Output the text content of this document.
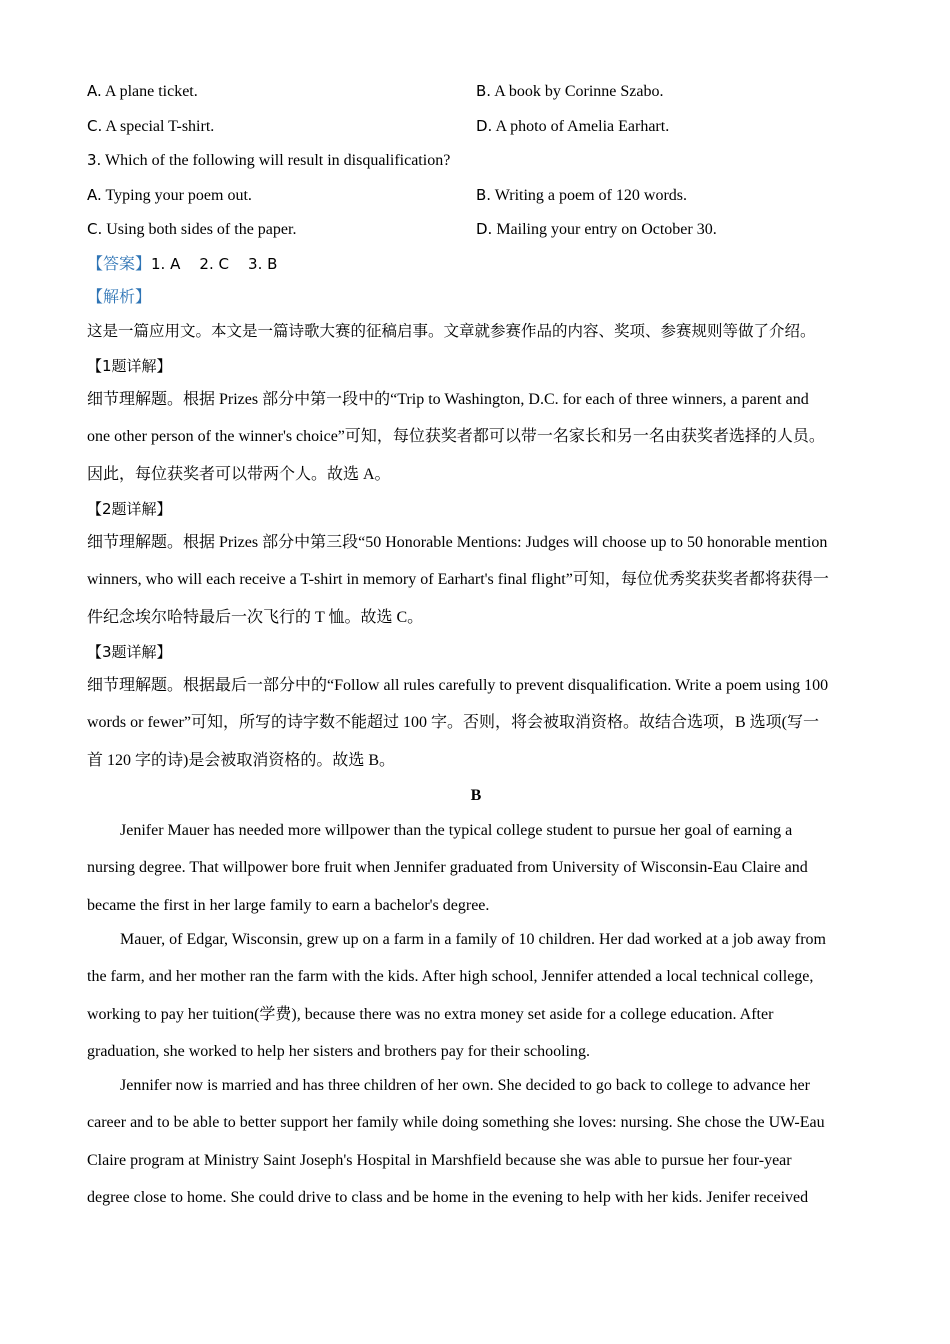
A. A plane ticket.	B. A book by Corinne Szabo.
C. A special T-shirt.	D. A photo of Amelia Earhart.
3. Which of the following will result in disqualification?
A. Typing your poem out.	B. Writing a poem of 120 words.
C. Using both sides of the paper.	D. Mailing your entry on October 30.
【答案】1. A    2. C    3. B
【解析】
这是一篇应用文。本文是一篇诗歌大赛的征稿启事。文章就参赛作品的内容、奖项、参赛规则等做了介绍。
【1题详解】
细节理解题。根据 Prizes 部分中第一段中的“Trip to Washington, D.C. for each of three winners, a parent and
one other person of the winner's choice”可知，每位获奖者都可以带一名家长和另一名由获奖者选择的人员。
因此，每位获奖者可以带两个人。故选 A。
【2题详解】
细节理解题。根据 Prizes 部分中第三段“50 Honorable Mentions: Judges will choose up to 50 honorable mention
winners, who will each receive a T-shirt in memory of Earhart's final flight”可知，每位优秀奖获奖者都将获得一
件纪念埃尔哈特最后一次飞行的 T 恤。故选 C。
【3题详解】
细节理解题。根据最后一部分中的“Follow all rules carefully to prevent disqualification. Write a poem using 100
words or fewer”可知，所写的诗字数不能超过 100 字。否则，将会被取消资格。故结合选项，B 选项(写一
首 120 字的诗)是会被取消资格的。故选 B。
B
Jenifer Mauer has needed more willpower than the typical college student to pursue her goal of earning a
nursing degree. That willpower bore fruit when Jennifer graduated from University of Wisconsin-Eau Claire and
became the first in her large family to earn a bachelor's degree.
Mauer, of Edgar, Wisconsin, grew up on a farm in a family of 10 children. Her dad worked at a job away from
the farm, and her mother ran the farm with the kids. After high school, Jennifer attended a local technical college,
working to pay her tuition(学费), because there was no extra money set aside for a college education. After
graduation, she worked to help her sisters and brothers pay for their schooling.
Jennifer now is married and has three children of her own. She decided to go back to college to advance her
career and to be able to better support her family while doing something she loves: nursing. She chose the UW-Eau
Claire program at Ministry Saint Joseph's Hospital in Marshfield because she was able to pursue her four-year
degree close to home. She could drive to class and be home in the evening to help with her kids. Jenifer received
